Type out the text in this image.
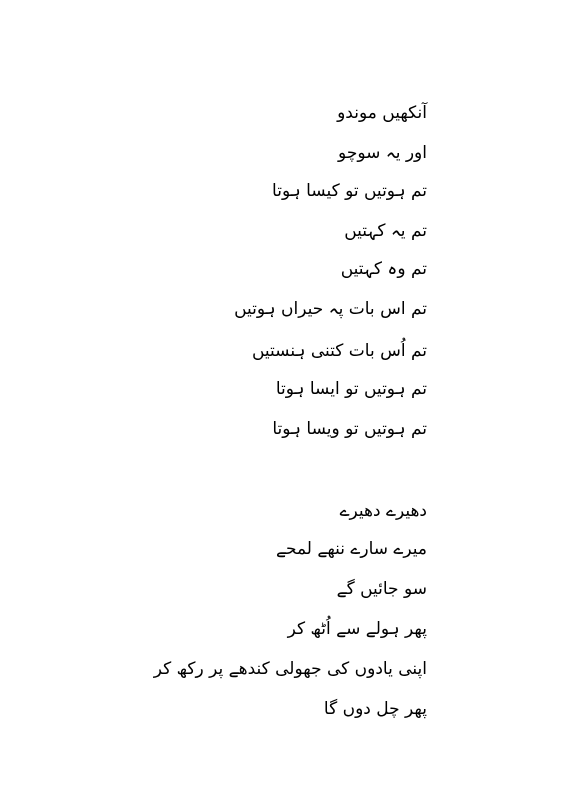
آنکھیں موندو
اور یہ سوچو
تم ہوتیں تو کیسا ہوتا
تم یہ کہتیں
تم وہ کہتیں
تم اس بات پہ حیراں ہوتیں
تم اُس بات کتنی ہنستیں
تم ہوتیں تو ایسا ہوتا
تم ہوتیں تو ویسا ہوتا
دھیرے دھیرے
میرے سارے ننھے لمحے
سو جائیں گے
پھر ہولے سے اُٹھ کر
اپنی یادوں کی جھولی کندھے پر رکھ کر
پھر چل دوں گا
